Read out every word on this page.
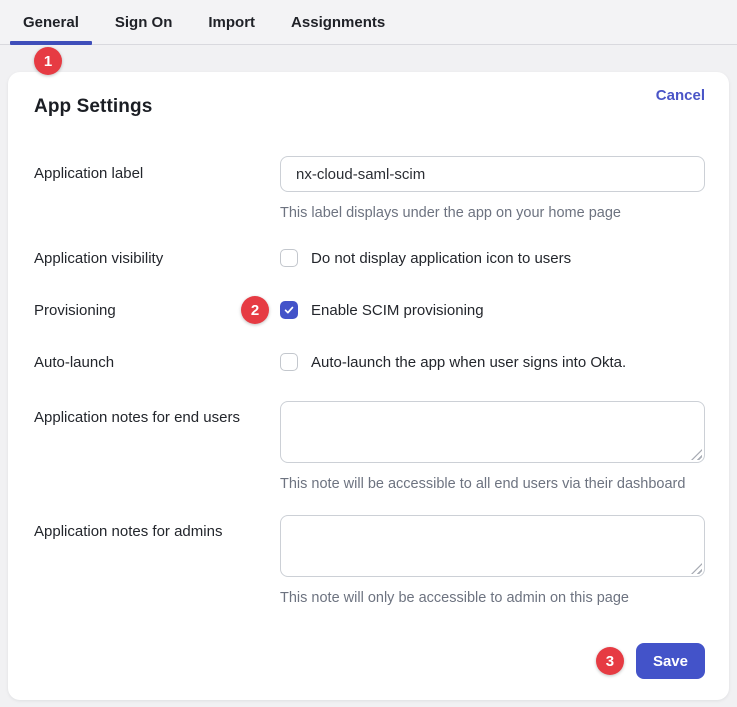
General Sign On Import Assignments
1
App Settings
Cancel
Application label
nx-cloud-saml-scim
This label displays under the app on your home page
Application visibility	Do not display application icon to users
Provisioning	2	Enable SCIM provisioning
Auto-launch	Auto-launch the app when user signs into Okta.
Application notes for end users
This note will be accessible to all end users via their dashboard
Application notes for admins
This note will only be accessible to admin on this page
3	Save
